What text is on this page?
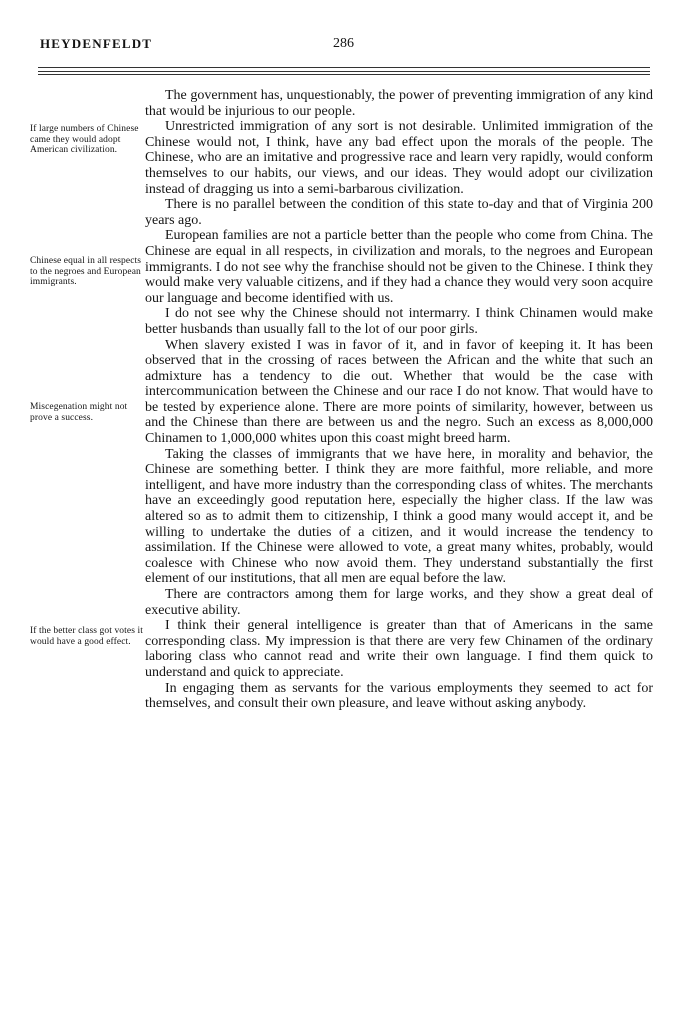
HEYDENFELDT	286
If large numbers of Chinese came they would adopt American civilization.
Chinese equal in all respects to the negroes and European immigrants.
Miscegenation might not prove a success.
If the better class got votes it would have a good effect.

The government has, unquestionably, the power of preventing immigration of any kind that would be injurious to our people.

Unrestricted immigration of any sort is not desirable. Unlimited immigration of the Chinese would not, I think, have any bad effect upon the morals of the people. The Chinese, who are an imitative and progressive race and learn very rapidly, would conform themselves to our habits, our views, and our ideas. They would adopt our civilization instead of dragging us into a semi-barbarous civilization.

There is no parallel between the condition of this state to-day and that of Virginia 200 years ago.

European families are not a particle better than the people who come from China. The Chinese are equal in all respects, in civilization and morals, to the negroes and European immigrants. I do not see why the franchise should not be given to the Chinese. I think they would make very valuable citizens, and if they had a chance they would very soon acquire our language and become identified with us.

I do not see why the Chinese should not intermarry. I think Chinamen would make better husbands than usually fall to the lot of our poor girls.

When slavery existed I was in favor of it, and in favor of keeping it. It has been observed that in the crossing of races between the African and the white that such an admixture has a tendency to die out. Whether that would be the case with intercommunication between the Chinese and our race I do not know. That would have to be tested by experience alone. There are more points of similarity, however, between us and the Chinese than there are between us and the negro. Such an excess as 8,000,000 Chinamen to 1,000,000 whites upon this coast might breed harm.

Taking the classes of immigrants that we have here, in morality and behavior, the Chinese are something better. I think they are more faithful, more reliable, and more intelligent, and have more industry than the corresponding class of whites. The merchants have an exceedingly good reputation here, especially the higher class. If the law was altered so as to admit them to citizenship, I think a good many would accept it, and be willing to undertake the duties of a citizen, and it would increase the tendency to assimilation. If the Chinese were allowed to vote, a great many whites, probably, would coalesce with Chinese who now avoid them. They understand substantially the first element of our institutions, that all men are equal before the law.

There are contractors among them for large works, and they show a great deal of executive ability.

I think their general intelligence is greater than that of Americans in the same corresponding class. My impression is that there are very few Chinamen of the ordinary laboring class who cannot read and write their own language. I find them quick to understand and quick to appreciate.

In engaging them as servants for the various employments they seemed to act for themselves, and consult their own pleasure, and leave without asking anybody.
